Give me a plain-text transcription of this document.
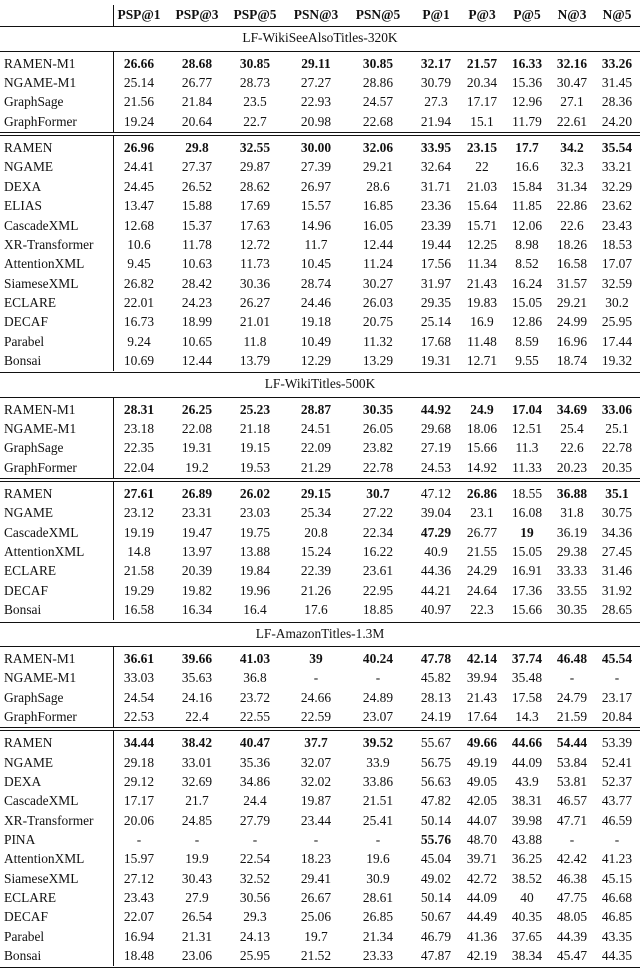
PSP@1	PSP@3	PSP@5	PSN@3	PSN@5	P@1	P@3	P@5	N@3	N@5
LF-WikiSeeAlsoTitles-320K
RAMEN-M1	26.66	28.68	30.85	29.11	30.85	32.17	21.57	16.33	32.16	33.26
NGAME-M1	25.14	26.77	28.73	27.27	28.86	30.79	20.34	15.36	30.47	31.45
GraphSage	21.56	21.84	23.5	22.93	24.57	27.3	17.17	12.96	27.1	28.36
GraphFormer	19.24	20.64	22.7	20.98	22.68	21.94	15.1	11.79	22.61	24.20
RAMEN	26.96	29.8	32.55	30.00	32.06	33.95	23.15	17.7	34.2	35.54
NGAME	24.41	27.37	29.87	27.39	29.21	32.64	22	16.6	32.3	33.21
DEXA	24.45	26.52	28.62	26.97	28.6	31.71	21.03	15.84	31.34	32.29
ELIAS	13.47	15.88	17.69	15.57	16.85	23.36	15.64	11.85	22.86	23.62
CascadeXML	12.68	15.37	17.63	14.96	16.05	23.39	15.71	12.06	22.6	23.43
XR-Transformer	10.6	11.78	12.72	11.7	12.44	19.44	12.25	8.98	18.26	18.53
AttentionXML	9.45	10.63	11.73	10.45	11.24	17.56	11.34	8.52	16.58	17.07
SiameseXML	26.82	28.42	30.36	28.74	30.27	31.97	21.43	16.24	31.57	32.59
ECLARE	22.01	24.23	26.27	24.46	26.03	29.35	19.83	15.05	29.21	30.2
DECAF	16.73	18.99	21.01	19.18	20.75	25.14	16.9	12.86	24.99	25.95
Parabel	9.24	10.65	11.8	10.49	11.32	17.68	11.48	8.59	16.96	17.44
Bonsai	10.69	12.44	13.79	12.29	13.29	19.31	12.71	9.55	18.74	19.32
LF-WikiTitles-500K
RAMEN-M1	28.31	26.25	25.23	28.87	30.35	44.92	24.9	17.04	34.69	33.06
NGAME-M1	23.18	22.08	21.18	24.51	26.05	29.68	18.06	12.51	25.4	25.1
GraphSage	22.35	19.31	19.15	22.09	23.82	27.19	15.66	11.3	22.6	22.78
GraphFormer	22.04	19.2	19.53	21.29	22.78	24.53	14.92	11.33	20.23	20.35
RAMEN	27.61	26.89	26.02	29.15	30.7	47.12	26.86	18.55	36.88	35.1
NGAME	23.12	23.31	23.03	25.34	27.22	39.04	23.1	16.08	31.8	30.75
CascadeXML	19.19	19.47	19.75	20.8	22.34	47.29	26.77	19	36.19	34.36
AttentionXML	14.8	13.97	13.88	15.24	16.22	40.9	21.55	15.05	29.38	27.45
ECLARE	21.58	20.39	19.84	22.39	23.61	44.36	24.29	16.91	33.33	31.46
DECAF	19.29	19.82	19.96	21.26	22.95	44.21	24.64	17.36	33.55	31.92
Bonsai	16.58	16.34	16.4	17.6	18.85	40.97	22.3	15.66	30.35	28.65
LF-AmazonTitles-1.3M
RAMEN-M1	36.61	39.66	41.03	39	40.24	47.78	42.14	37.74	46.48	45.54
NGAME-M1	33.03	35.63	36.8	-	-	45.82	39.94	35.48	-	-
GraphSage	24.54	24.16	23.72	24.66	24.89	28.13	21.43	17.58	24.79	23.17
GraphFormer	22.53	22.4	22.55	22.59	23.07	24.19	17.64	14.3	21.59	20.84
RAMEN	34.44	38.42	40.47	37.7	39.52	55.67	49.66	44.66	54.44	53.39
NGAME	29.18	33.01	35.36	32.07	33.9	56.75	49.19	44.09	53.84	52.41
DEXA	29.12	32.69	34.86	32.02	33.86	56.63	49.05	43.9	53.81	52.37
CascadeXML	17.17	21.7	24.4	19.87	21.51	47.82	42.05	38.31	46.57	43.77
XR-Transformer	20.06	24.85	27.79	23.44	25.41	50.14	44.07	39.98	47.71	46.59
PINA	-	-	-	-	-	55.76	48.70	43.88	-	-
AttentionXML	15.97	19.9	22.54	18.23	19.6	45.04	39.71	36.25	42.42	41.23
SiameseXML	27.12	30.43	32.52	29.41	30.9	49.02	42.72	38.52	46.38	45.15
ECLARE	23.43	27.9	30.56	26.67	28.61	50.14	44.09	40	47.75	46.68
DECAF	22.07	26.54	29.3	25.06	26.85	50.67	44.49	40.35	48.05	46.85
Parabel	16.94	21.31	24.13	19.7	21.34	46.79	41.36	37.65	44.39	43.35
Bonsai	18.48	23.06	25.95	21.52	23.33	47.87	42.19	38.34	45.47	44.35
